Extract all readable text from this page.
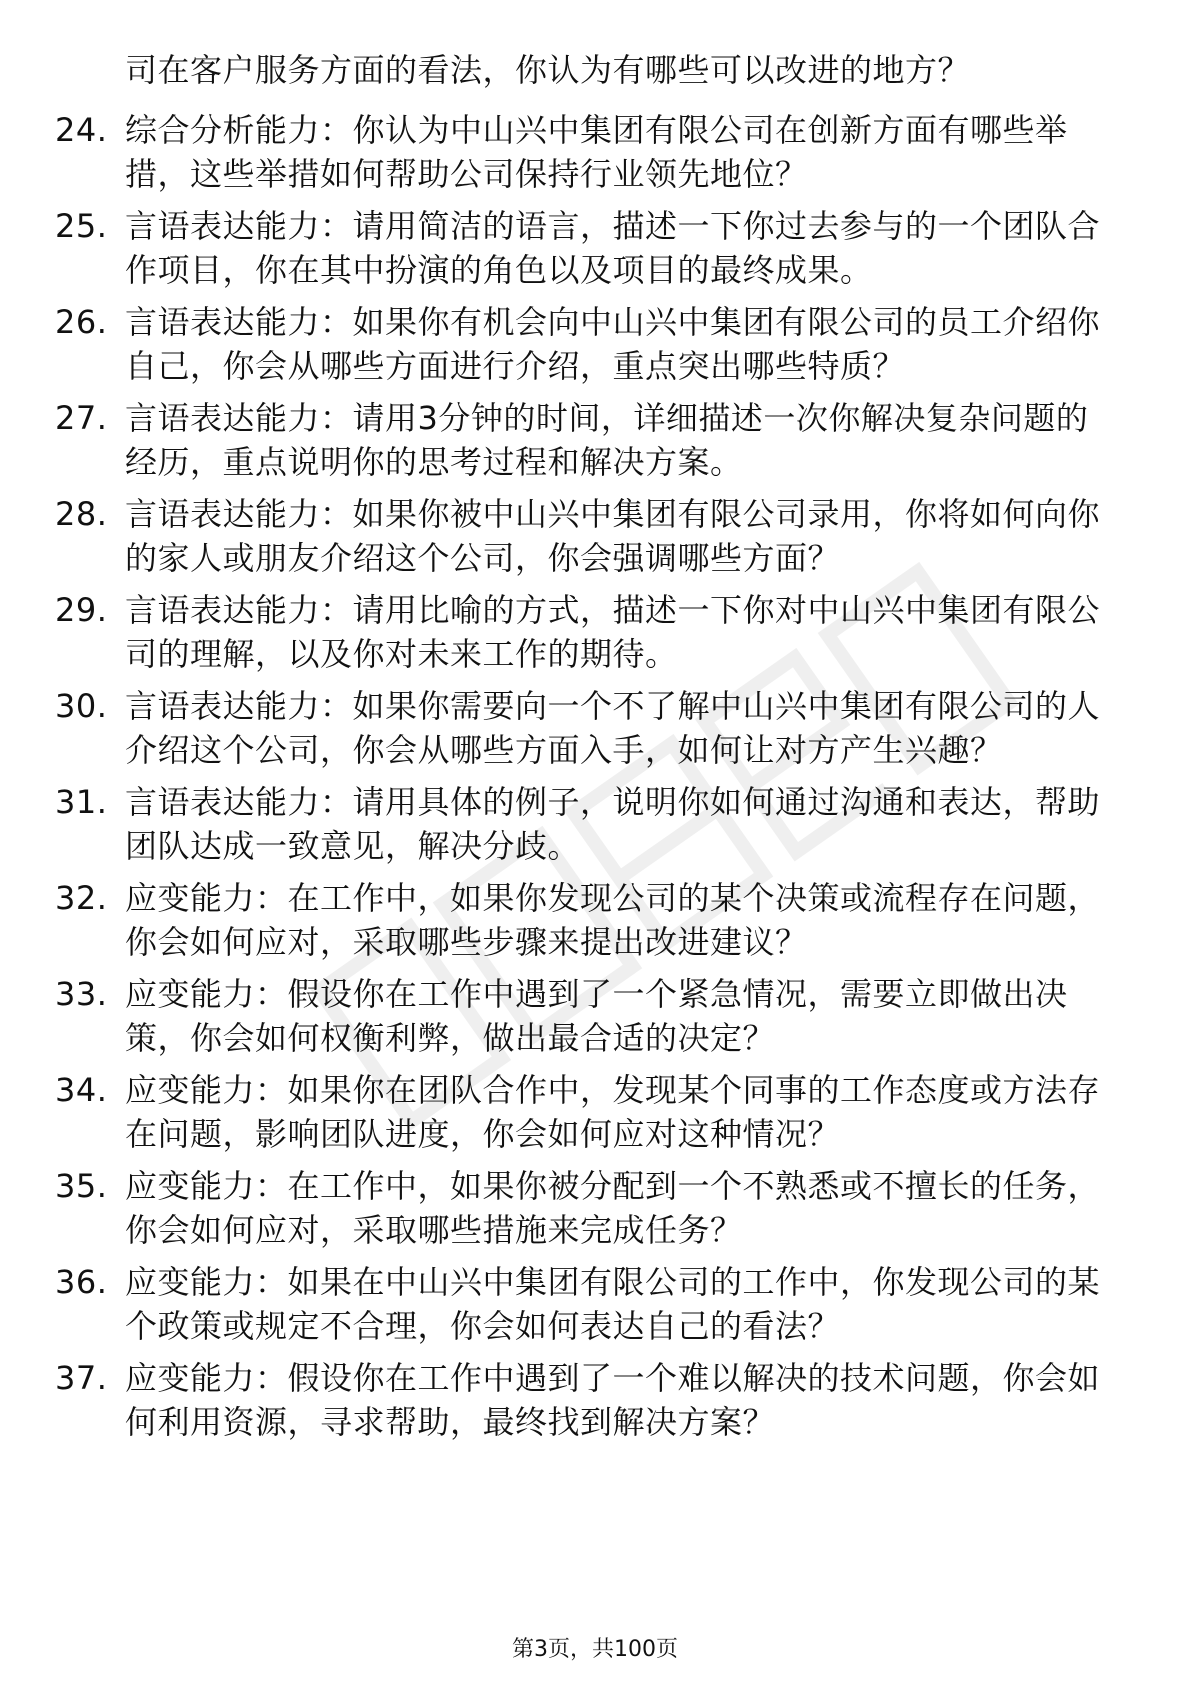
司在客户服务方面的看法，你认为有哪些可以改进的地方？
24. 综合分析能力：你认为中山兴中集团有限公司在创新方面有哪些举措，这些举措如何帮助公司保持行业领先地位？
25. 言语表达能力：请用简洁的语言，描述一下你过去参与的一个团队合作项目，你在其中扮演的角色以及项目的最终成果。
26. 言语表达能力：如果你有机会向中山兴中集团有限公司的员工介绍你自己，你会从哪些方面进行介绍，重点突出哪些特质？
27. 言语表达能力：请用3分钟的时间，详细描述一次你解决复杂问题的经历，重点说明你的思考过程和解决方案。
28. 言语表达能力：如果你被中山兴中集团有限公司录用，你将如何向你的家人或朋友介绍这个公司，你会强调哪些方面？
29. 言语表达能力：请用比喻的方式，描述一下你对中山兴中集团有限公司的理解，以及你对未来工作的期待。
30. 言语表达能力：如果你需要向一个不了解中山兴中集团有限公司的人介绍这个公司，你会从哪些方面入手，如何让对方产生兴趣？
31. 言语表达能力：请用具体的例子，说明你如何通过沟通和表达，帮助团队达成一致意见，解决分歧。
32. 应变能力：在工作中，如果你发现公司的某个决策或流程存在问题，你会如何应对，采取哪些步骤来提出改进建议？
33. 应变能力：假设你在工作中遇到了一个紧急情况，需要立即做出决策，你会如何权衡利弊，做出最合适的决定？
34. 应变能力：如果你在团队合作中，发现某个同事的工作态度或方法存在问题，影响团队进度，你会如何应对这种情况？
35. 应变能力：在工作中，如果你被分配到一个不熟悉或不擅长的任务，你会如何应对，采取哪些措施来完成任务？
36. 应变能力：如果在中山兴中集团有限公司的工作中，你发现公司的某个政策或规定不合理，你会如何表达自己的看法？
37. 应变能力：假设你在工作中遇到了一个难以解决的技术问题，你会如何利用资源，寻求帮助，最终找到解决方案？
第3页，共100页
